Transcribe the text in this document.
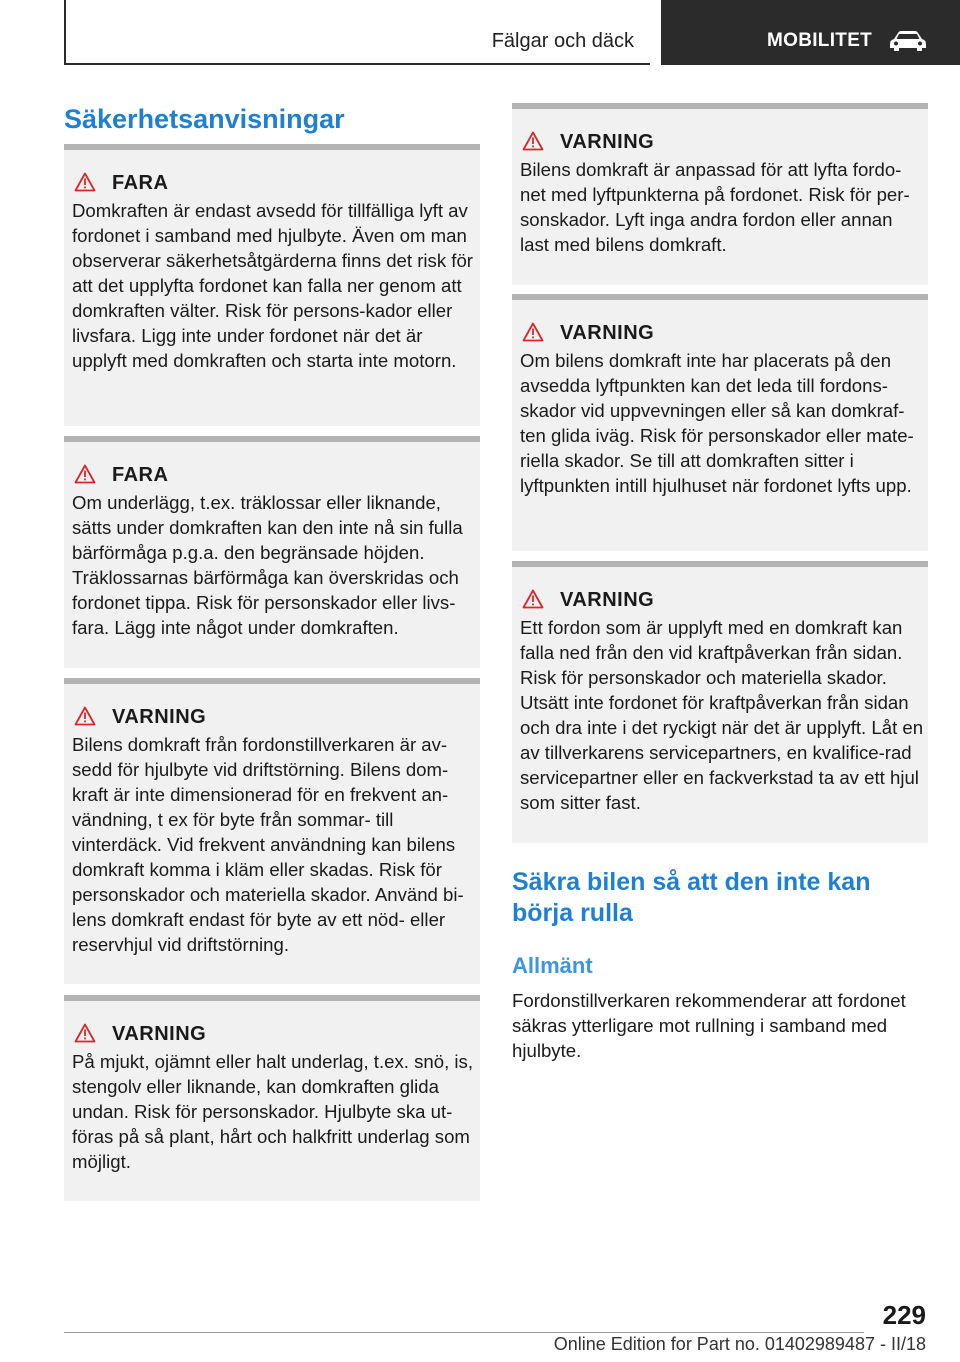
Fälgar och däck	MOBILITET
Säkerhetsanvisningar
FARA

Domkraften är endast avsedd för tillfälliga lyft av fordonet i samband med hjulbyte. Även om man observerar säkerhetsåtgärderna finns det risk för att det upplyfta fordonet kan falla ner genom att domkraften välter. Risk för persons-kador eller livsfara. Ligg inte under fordonet när det är upplyft med domkraften och starta inte motorn.

FARA

Om underlägg, t.ex. träklossar eller liknande, sätts under domkraften kan den inte nå sin fulla bärförmåga p.g.a. den begränsade höjden. Träklossarnas bärförmåga kan överskridas och fordonet tippa. Risk för personskador eller livs-fara. Lägg inte något under domkraften.

VARNING

Bilens domkraft från fordonstillverkaren är av-sedd för hjulbyte vid driftstörning. Bilens dom-kraft är inte dimensionerad för en frekvent an-vändning, t ex för byte från sommar- till vinterdäck. Vid frekvent användning kan bilens domkraft komma i kläm eller skadas. Risk för personskador och materiella skador. Använd bi-lens domkraft endast för byte av ett nöd- eller reservhjul vid driftstörning.

VARNING

På mjukt, ojämnt eller halt underlag, t.ex. snö, is, stengolv eller liknande, kan domkraften glida undan. Risk för personskador. Hjulbyte ska ut-föras på så plant, hårt och halkfritt underlag som möjligt.

VARNING

Bilens domkraft är anpassad för att lyfta fordo-net med lyftpunkterna på fordonet. Risk för per-sonskador. Lyft inga andra fordon eller annan last med bilens domkraft.

VARNING

Om bilens domkraft inte har placerats på den avsedda lyftpunkten kan det leda till fordons-skador vid uppvevningen eller så kan domkraf-ten glida iväg. Risk för personskador eller mate-riella skador. Se till att domkraften sitter i lyftpunkten intill hjulhuset när fordonet lyfts upp.

VARNING

Ett fordon som är upplyft med en domkraft kan falla ned från den vid kraftpåverkan från sidan. Risk för personskador och materiella skador. Utsätt inte fordonet för kraftpåverkan från sidan och dra inte i det ryckigt när det är upplyft. Låt en av tillverkarens servicepartners, en kvalifice-rad servicepartner eller en fackverkstad ta av ett hjul som sitter fast.

Säkra bilen så att den inte kan börja rulla
Allmänt

Fordonstillverkaren rekommenderar att fordonet säkras ytterligare mot rullning i samband med hjulbyte.

229
Online Edition for Part no. 01402989487 - II/18
